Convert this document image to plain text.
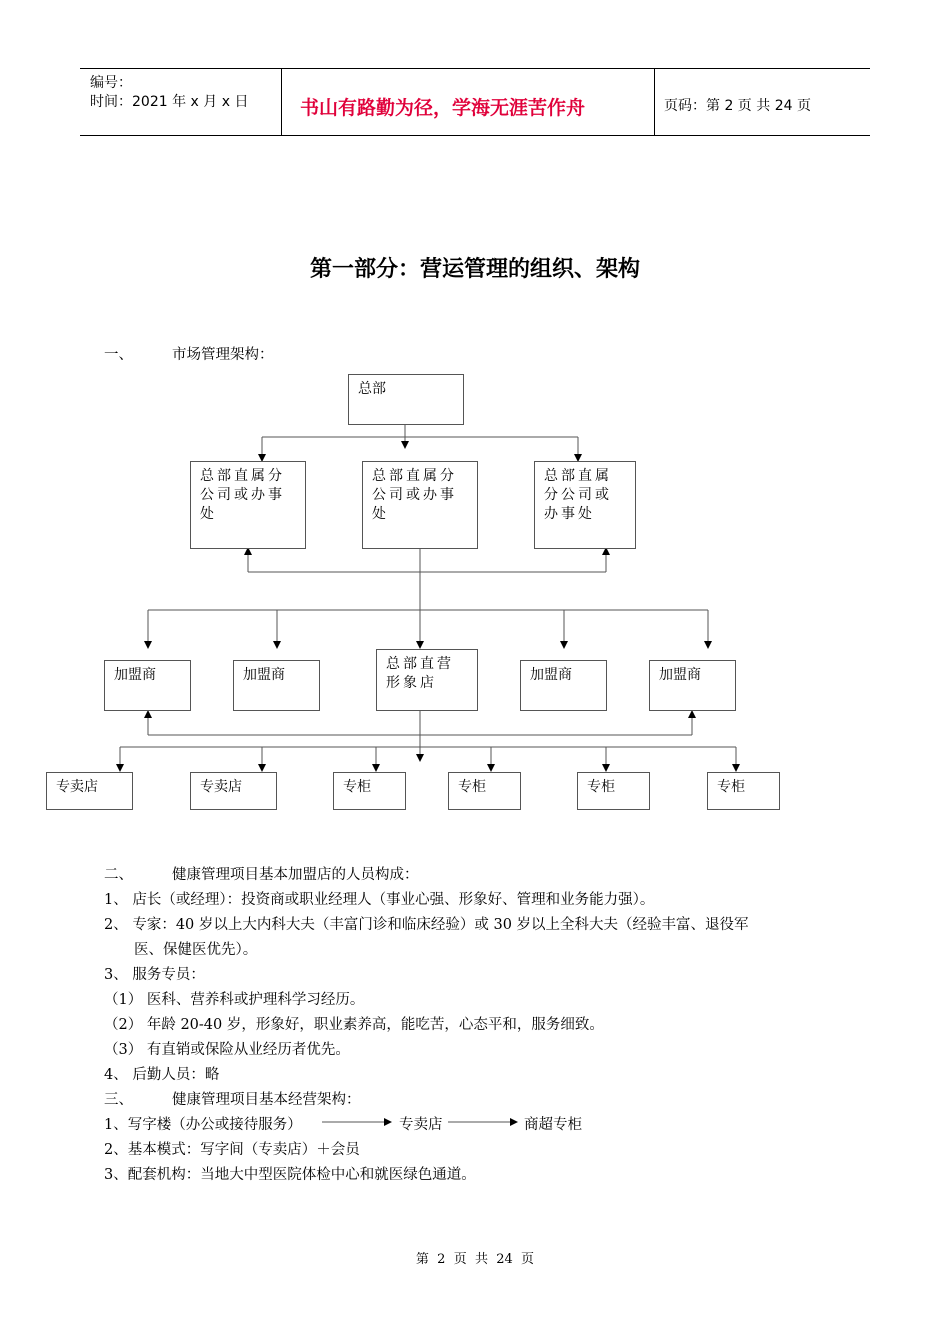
编号：
时间：2021 年 x 月 x 日	书山有路勤为径，学海无涯苦作舟	页码：第 2 页 共 24 页
第一部分：营运管理的组织、架构
一、	市场管理架构：
总部
总部直属分公司或办事处
总部直属分公司或办事处
总部直属分公司或办事处
加盟商	加盟商
总部直营形象店	加盟商	加盟商
专卖店	专卖店	专柜	专柜	专柜	专柜
二、	健康管理项目基本加盟店的人员构成：
1、 店长（或经理）：投资商或职业经理人（事业心强、形象好、管理和业务能力强）。
2、 专家：40 岁以上大内科大夫（丰富门诊和临床经验）或 30 岁以上全科大夫（经验丰富、退役军
医、保健医优先）。
3、 服务专员：
（1） 医科、营养科或护理科学习经历。
（2） 年龄 20-40 岁，形象好，职业素养高，能吃苦，心态平和，服务细致。
（3） 有直销或保险从业经历者优先。
4、 后勤人员：略
三、	健康管理项目基本经营架构：
1、写字楼（办公或接待服务）	专卖店	商超专柜
2、基本模式：写字间（专卖店）＋会员
3、配套机构：当地大中型医院体检中心和就医绿色通道。
第  2  页  共  24  页
